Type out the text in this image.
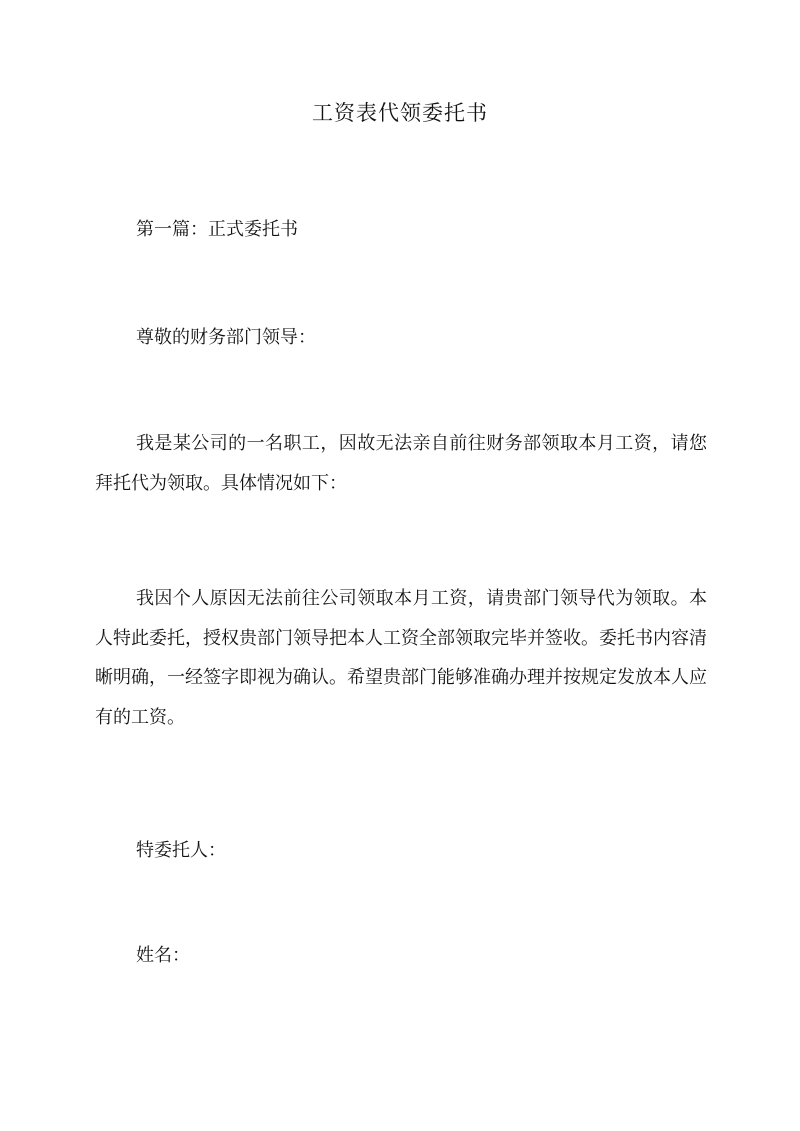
工资表代领委托书
第一篇：正式委托书
尊敬的财务部门领导：
我是某公司的一名职工，因故无法亲自前往财务部领取本月工资，请您拜托代为领取。具体情况如下：
我因个人原因无法前往公司领取本月工资，请贵部门领导代为领取。本人特此委托，授权贵部门领导把本人工资全部领取完毕并签收。委托书内容清晰明确，一经签字即视为确认。希望贵部门能够准确办理并按规定发放本人应有的工资。
特委托人：
姓名：
